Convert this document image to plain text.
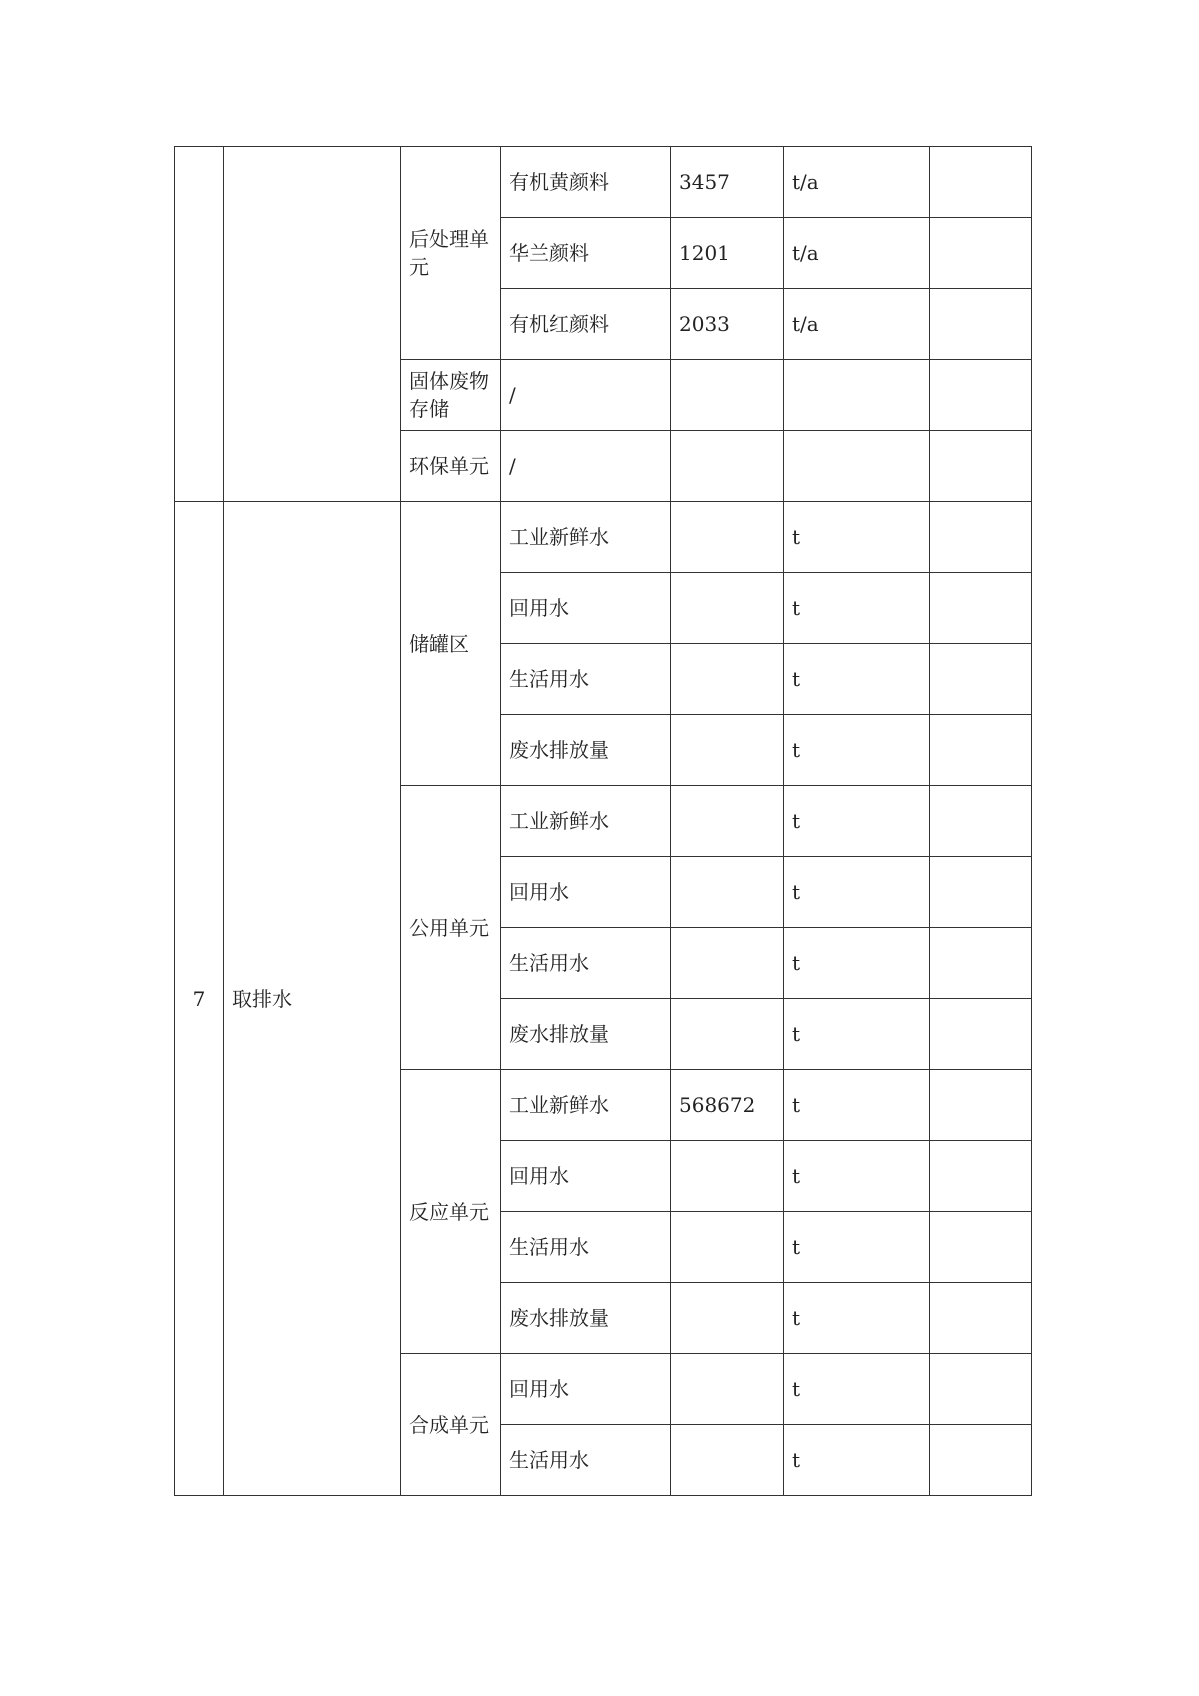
		后处理单元	有机黄颜料	3457	t/a	
			华兰颜料	1201	t/a	
			有机红颜料	2033	t/a	
		固体废物存储	/			
		环保单元	/			
7	取排水	储罐区	工业新鲜水		t	
			回用水		t	
			生活用水		t	
			废水排放量		t	
		公用单元	工业新鲜水		t	
			回用水		t	
			生活用水		t	
			废水排放量		t	
		反应单元	工业新鲜水	568672	t	
			回用水		t	
			生活用水		t	
			废水排放量		t	
		合成单元	回用水		t	
			生活用水		t	
